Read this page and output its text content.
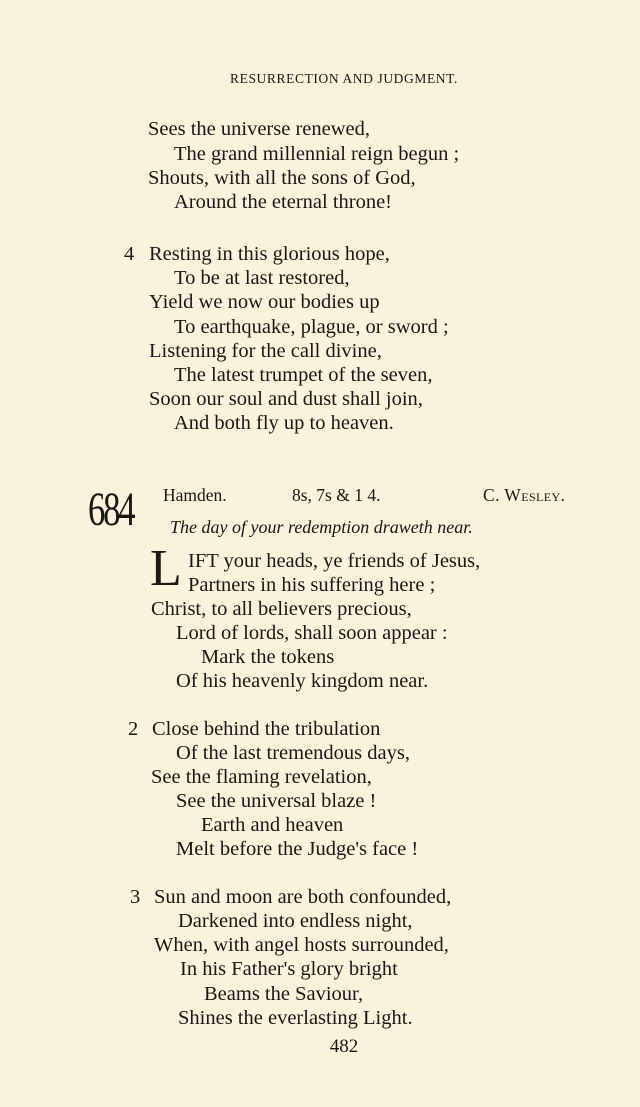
RESURRECTION AND JUDGMENT.
Sees the universe renewed,
The grand millennial reign begun ;
Shouts, with all the sons of God,
Around the eternal throne!
4 Resting in this glorious hope,
To be at last restored,
Yield we now our bodies up
To earthquake, plague, or sword ;
Listening for the call divine,
The latest trumpet of the seven,
Soon our soul and dust shall join,
And both fly up to heaven.
684 Hamden.	8s, 7s & 1 4.	C. Wesley.
The day of your redemption draweth near.
L IFT your heads, ye friends of Jesus,
Partners in his suffering here ;
Christ, to all believers precious,
Lord of lords, shall soon appear :
Mark the tokens
Of his heavenly kingdom near.
2 Close behind the tribulation
Of the last tremendous days,
See the flaming revelation,
See the universal blaze !
Earth and heaven
Melt before the Judge's face !
3 Sun and moon are both confounded,
Darkened into endless night,
When, with angel hosts surrounded,
In his Father's glory bright
Beams the Saviour,
Shines the everlasting Light.
482
